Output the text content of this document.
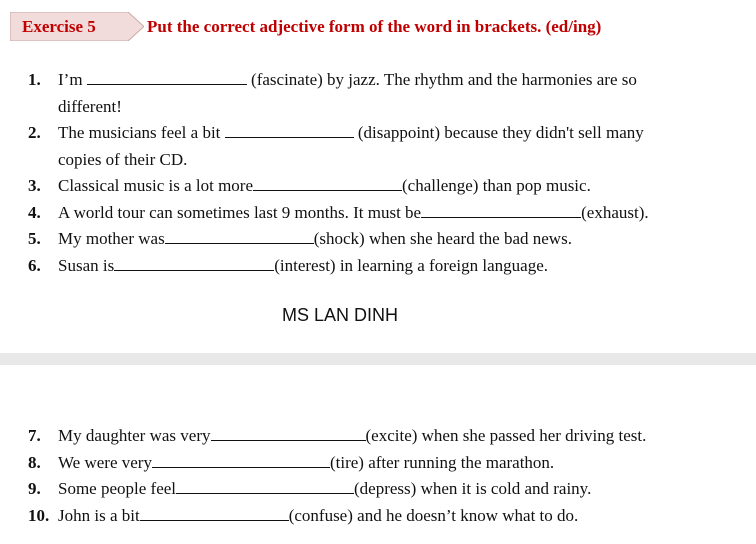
Exercise 5	Put the correct adjective form of the word in brackets. (ed/ing)
1. I’m	(fascinate) by jazz. The rhythm and the harmonies are so
different!
2. The musicians feel a bit	(disappoint) because they didn't sell many
copies of their CD.
3. Classical music is a lot more	(challenge) than pop music.
4. A world tour can sometimes last 9 months. It must be	(exhaust).
5. My mother was	(shock) when she heard the bad news.
6. Susan is	(interest) in learning a foreign language.
MS LAN DINH
7. My daughter was very	(excite) when she passed her driving test.
8. We were very	(tire) after running the marathon.
9. Some people feel	(depress) when it is cold and rainy.
10. John is a bit	(confuse) and he doesn’t know what to do.
